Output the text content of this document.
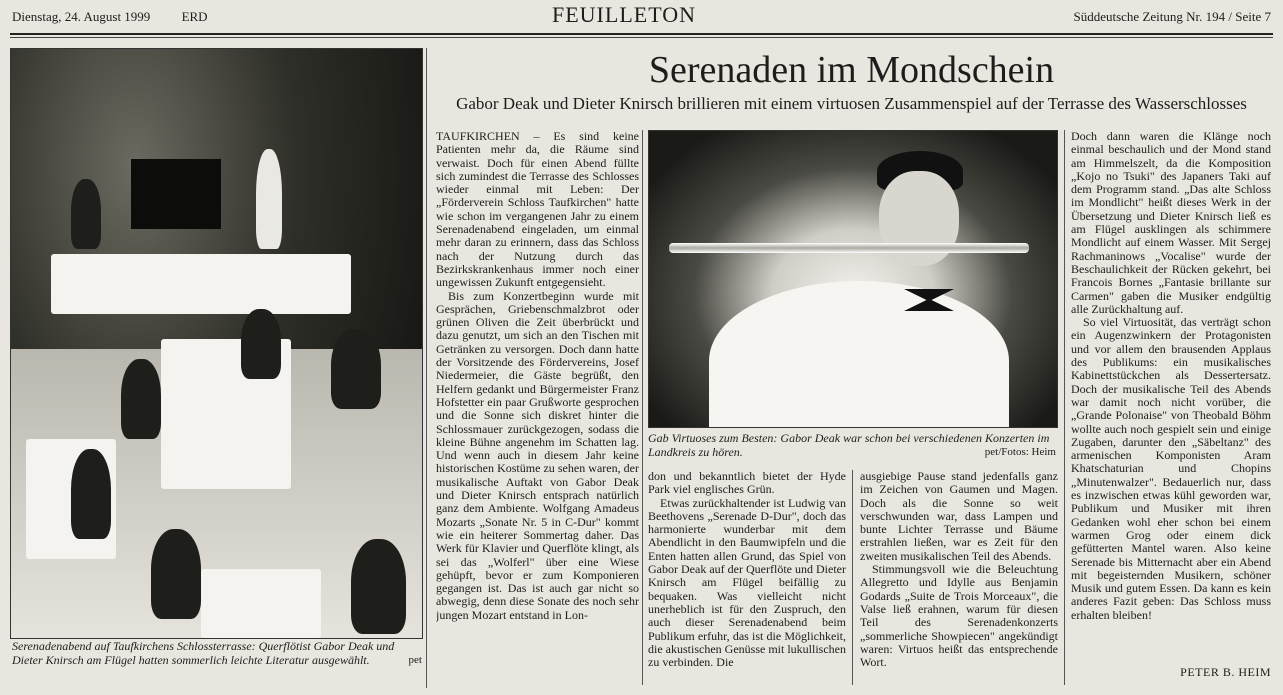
Dienstag, 24. August 1999 ERD	FEUILLETON	Süddeutsche Zeitung Nr. 194 / Seite 7
Serenadenabend auf Taufkirchens Schlossterrasse: Querflötist Gabor Deak und Dieter Knirsch am Flügel hatten sommerlich leichte Literatur ausgewählt.	pet
Serenaden im Mondschein
Gabor Deak und Dieter Knirsch brillieren mit einem virtuosen Zusammenspiel auf der Terrasse des Wasserschlosses

TAUFKIRCHEN – Es sind keine Patienten mehr da, die Räume sind verwaist. Doch für einen Abend füllte sich zumindest die Terrasse des Schlosses wieder einmal mit Leben: Der „Förderverein Schloss Taufkirchen" hatte wie schon im vergangenen Jahr zu einem Serenadenabend eingeladen, um einmal mehr daran zu erinnern, dass das Schloss nach der Nutzung durch das Bezirkskrankenhaus immer noch einer ungewissen Zukunft entgegensieht.

Bis zum Konzertbeginn wurde mit Gesprächen, Griebenschmalzbrot oder grünen Oliven die Zeit überbrückt und dazu genutzt, um sich an den Tischen mit Getränken zu versorgen. Doch dann hatte der Vorsitzende des Fördervereins, Josef Niedermeier, die Gäste begrüßt, den Helfern gedankt und Bürgermeister Franz Hofstetter ein paar Grußworte gesprochen und die Sonne sich diskret hinter die Schlossmauer zurückgezogen, sodass die kleine Bühne angenehm im Schatten lag. Und wenn auch in diesem Jahr keine historischen Kostüme zu sehen waren, der musikalische Auftakt von Gabor Deak und Dieter Knirsch entsprach natürlich ganz dem Ambiente. Wolfgang Amadeus Mozarts „Sonate Nr. 5 in C-Dur" kommt wie ein heiterer Sommertag daher. Das Werk für Klavier und Querflöte klingt, als sei das „Wolferl" über eine Wiese gehüpft, bevor er zum Komponieren gegangen ist. Das ist auch gar nicht so abwegig, denn diese Sonate des noch sehr jungen Mozart entstand in Lon-

Gab Virtuoses zum Besten: Gabor Deak war schon bei verschiedenen Konzerten im Landkreis zu hören.	pet/Fotos: Heim

don und bekanntlich bietet der Hyde Park viel englisches Grün.

Etwas zurückhaltender ist Ludwig van Beethovens „Serenade D-Dur", doch das harmonierte wunderbar mit dem Abendlicht in den Baumwipfeln und die Enten hatten allen Grund, das Spiel von Gabor Deak auf der Querflöte und Dieter Knirsch am Flügel beifällig zu bequaken. Was vielleicht nicht unerheblich ist für den Zuspruch, den auch dieser Serenadenabend beim Publikum erfuhr, das ist die Möglichkeit, die akustischen Genüsse mit lukullischen zu verbinden. Die

ausgiebige Pause stand jedenfalls ganz im Zeichen von Gaumen und Magen. Doch als die Sonne so weit verschwunden war, dass Lampen und bunte Lichter Terrasse und Bäume erstrahlen ließen, war es Zeit für den zweiten musikalischen Teil des Abends.

Stimmungsvoll wie die Beleuchtung Allegretto und Idylle aus Benjamin Godards „Suite de Trois Morceaux", die Valse ließ erahnen, warum für diesen Teil des Serenadenkonzerts „sommerliche Showpiecen" angekündigt waren: Virtuos heißt das entsprechende Wort.

Doch dann waren die Klänge noch einmal beschaulich und der Mond stand am Himmelszelt, da die Komposition „Kojo no Tsuki" des Japaners Taki auf dem Programm stand. „Das alte Schloss im Mondlicht" heißt dieses Werk in der Übersetzung und Dieter Knirsch ließ es am Flügel ausklingen als schimmere Mondlicht auf einem Wasser. Mit Sergej Rachmaninows „Vocalise" wurde der Beschaulichkeit der Rücken gekehrt, bei Francois Bornes „Fantasie brillante sur Carmen" gaben die Musiker endgültig alle Zurückhaltung auf.

So viel Virtuosität, das verträgt schon ein Augenzwinkern der Protagonisten und vor allem den brausenden Applaus des Publikums: ein musikalisches Kabinettstückchen als Dessertersatz. Doch der musikalische Teil des Abends war damit noch nicht vorüber, die „Grande Polonaise" von Theobald Böhm wollte auch noch gespielt sein und einige Zugaben, darunter den „Säbeltanz" des armenischen Komponisten Aram Khatschaturian und Chopins „Minutenwalzer". Bedauerlich nur, dass es inzwischen etwas kühl geworden war, Publikum und Musiker mit ihren Gedanken wohl eher schon bei einem warmen Grog oder einem dick gefütterten Mantel waren. Also keine Serenade bis Mitternacht aber ein Abend mit begeisternden Musikern, schöner Musik und gutem Essen. Da kann es kein anderes Fazit geben: Das Schloss muss erhalten bleiben!

PETER B. HEIM
